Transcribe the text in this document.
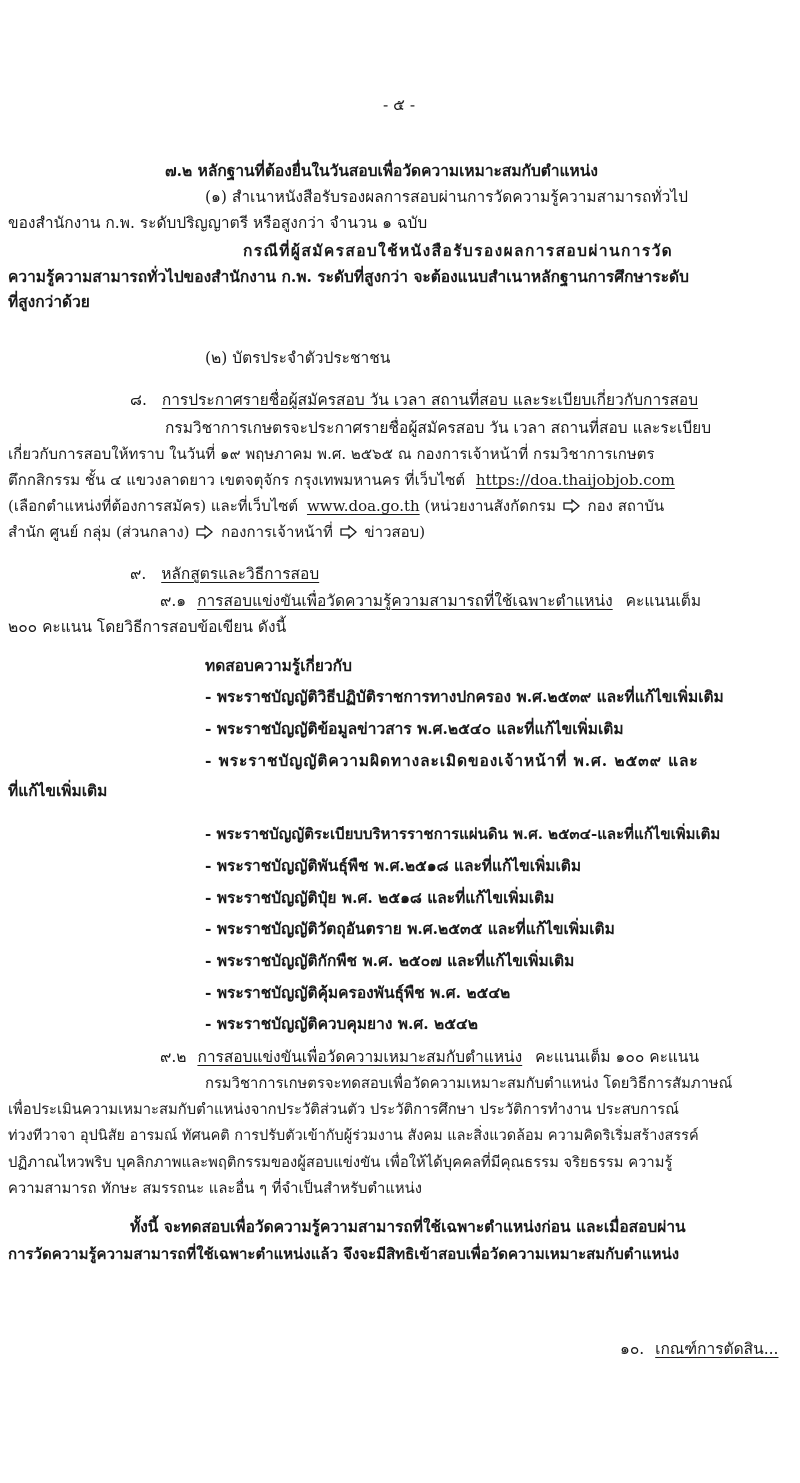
- ๕ -
๗.๒ หลักฐานที่ต้องยื่นในวันสอบเพื่อวัดความเหมาะสมกับตำแหน่ง
(๑) สำเนาหนังสือรับรองผลการสอบผ่านการวัดความรู้ความสามารถทั่วไป
ของสำนักงาน ก.พ. ระดับปริญญาตรี หรือสูงกว่า จำนวน ๑ ฉบับ
กรณีที่ผู้สมัครสอบใช้หนังสือรับรองผลการสอบผ่านการวัด
ความรู้ความสามารถทั่วไปของสำนักงาน ก.พ. ระดับที่สูงกว่า จะต้องแนบสำเนาหลักฐานการศึกษาระดับ
ที่สูงกว่าด้วย
(๒) บัตรประจำตัวประชาชน
๘. การประกาศรายชื่อผู้สมัครสอบ วัน เวลา สถานที่สอบ และระเบียบเกี่ยวกับการสอบ
กรมวิชาการเกษตรจะประกาศรายชื่อผู้สมัครสอบ วัน เวลา สถานที่สอบ และระเบียบ
เกี่ยวกับการสอบให้ทราบ ในวันที่ ๑๙ พฤษภาคม พ.ศ. ๒๕๖๕ ณ กองการเจ้าหน้าที่ กรมวิชาการเกษตร
ตึกกสิกรรม ชั้น ๔ แขวงลาดยาว เขตจตุจักร กรุงเทพมหานคร ที่เว็บไซต์ https://doa.thaijobjob.com
(เลือกตำแหน่งที่ต้องการสมัคร) และที่เว็บไซต์ www.doa.go.th (หน่วยงานสังกัดกรม กอง สถาบัน
สำนัก ศูนย์ กลุ่ม (ส่วนกลาง) กองการเจ้าหน้าที่ ข่าวสอบ)
๙. หลักสูตรและวิธีการสอบ
๙.๑ การสอบแข่งขันเพื่อวัดความรู้ความสามารถที่ใช้เฉพาะตำแหน่ง คะแนนเต็ม
๒๐๐ คะแนน โดยวิธีการสอบข้อเขียน ดังนี้
ทดสอบความรู้เกี่ยวกับ
- พระราชบัญญัติวิธีปฏิบัติราชการทางปกครอง พ.ศ.๒๕๓๙ และที่แก้ไขเพิ่มเติม
- พระราชบัญญัติข้อมูลข่าวสาร พ.ศ.๒๕๔๐ และที่แก้ไขเพิ่มเติม
- พระราชบัญญัติความผิดทางละเมิดของเจ้าหน้าที่ พ.ศ. ๒๕๓๙ และ
ที่แก้ไขเพิ่มเติม
- พระราชบัญญัติระเบียบบริหารราชการแผ่นดิน พ.ศ. ๒๕๓๔-และที่แก้ไขเพิ่มเติม
- พระราชบัญญัติพันธุ์พืช พ.ศ.๒๕๑๘ และที่แก้ไขเพิ่มเติม
- พระราชบัญญัติปุ๋ย พ.ศ. ๒๕๑๘ และที่แก้ไขเพิ่มเติม
- พระราชบัญญัติวัตถุอันตราย พ.ศ.๒๕๓๕ และที่แก้ไขเพิ่มเติม
- พระราชบัญญัติกักพืช พ.ศ. ๒๕๐๗ และที่แก้ไขเพิ่มเติม
- พระราชบัญญัติคุ้มครองพันธุ์พืช พ.ศ. ๒๕๔๒
- พระราชบัญญัติควบคุมยาง พ.ศ. ๒๕๔๒
๙.๒ การสอบแข่งขันเพื่อวัดความเหมาะสมกับตำแหน่ง คะแนนเต็ม ๑๐๐ คะแนน
กรมวิชาการเกษตรจะทดสอบเพื่อวัดความเหมาะสมกับตำแหน่ง โดยวิธีการสัมภาษณ์
เพื่อประเมินความเหมาะสมกับตำแหน่งจากประวัติส่วนตัว ประวัติการศึกษา ประวัติการทำงาน ประสบการณ์
ท่วงทีวาจา อุปนิสัย อารมณ์ ทัศนคติ การปรับตัวเข้ากับผู้ร่วมงาน สังคม และสิ่งแวดล้อม ความคิดริเริ่มสร้างสรรค์
ปฏิภาณไหวพริบ บุคลิกภาพและพฤติกรรมของผู้สอบแข่งขัน เพื่อให้ได้บุคคลที่มีคุณธรรม จริยธรรม ความรู้
ความสามารถ ทักษะ สมรรถนะ และอื่น ๆ ที่จำเป็นสำหรับตำแหน่ง
ทั้งนี้ จะทดสอบเพื่อวัดความรู้ความสามารถที่ใช้เฉพาะตำแหน่งก่อน และเมื่อสอบผ่าน
การวัดความรู้ความสามารถที่ใช้เฉพาะตำแหน่งแล้ว จึงจะมีสิทธิเข้าสอบเพื่อวัดความเหมาะสมกับตำแหน่ง
๑๐. เกณฑ์การตัดสิน...
